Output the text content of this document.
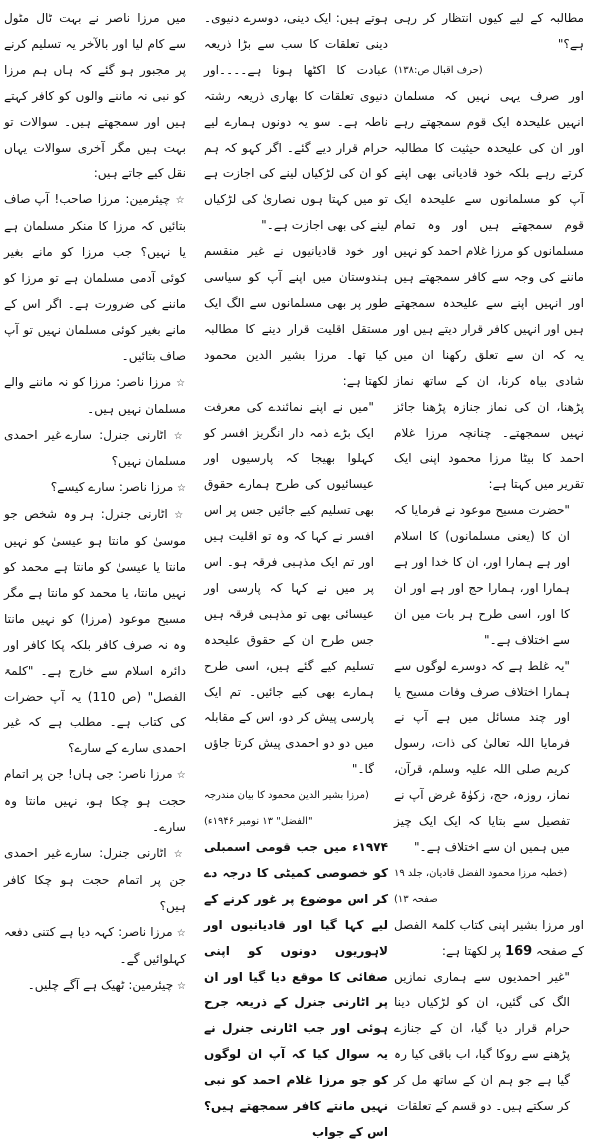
مطالبہ کے لیے کیوں انتظار کر رہی ہے؟"

(حرف اقبال ص:۱۳۸)

اور صرف یہی نہیں کہ مسلمان انہیں علیحدہ ایک قوم سمجھتے رہے اور ان کی علیحدہ حیثیت کا مطالبہ کرتے رہے بلکہ خود قادیانی بھی اپنے آپ کو مسلمانوں سے علیحدہ ایک قوم سمجھتے ہیں اور وہ تمام مسلمانوں کو مرزا غلام احمد کو نہیں ماننے کی وجہ سے کافر سمجھتے ہیں اور انہیں اپنے سے علیحدہ سمجھتے ہیں اور انہیں کافر قرار دیتے ہیں اور یہ کہ ان سے تعلق رکھنا ان میں شادی بیاہ کرنا، ان کے ساتھ نماز پڑھنا، ان کی نماز جنازہ پڑھنا جائز نہیں سمجھتے۔ چنانچہ مرزا غلام احمد کا بیٹا مرزا محمود اپنی ایک تقریر میں کہتا ہے:

"حضرت مسیح موعود نے فرمایا کہ ان کا (یعنی مسلمانوں) کا اسلام اور ہے ہمارا اور، ان کا خدا اور ہے ہمارا اور، ہمارا حج اور ہے اور ان کا اور، اسی طرح ہر بات میں ان سے اختلاف ہے۔"

"یہ غلط ہے کہ دوسرے لوگوں سے ہمارا اختلاف صرف وفات مسیح یا اور چند مسائل میں ہے آپ نے فرمایا اللہ تعالیٰ کی ذات، رسول کریم صلی اللہ علیہ وسلم، قرآن، نماز، روزہ، حج، زکوٰۃ غرض آپ نے تفصیل سے بتایا کہ ایک ایک چیز میں ہمیں ان سے اختلاف ہے۔"

(خطبہ مرزا محمود الفضل قادیان، جلد ۱۹ صفحہ ۱۳)

اور مرزا بشیر اپنی کتاب کلمۃ الفصل کے صفحہ 169 پر لکھتا ہے:

"غیر احمدیوں سے ہماری نمازیں الگ کی گئیں، ان کو لڑکیاں دینا حرام قرار دیا گیا، ان کے جنازے پڑھنے سے روکا گیا، اب باقی کیا رہ گیا ہے جو ہم ان کے ساتھ مل کر کر سکتے ہیں۔ دو قسم کے تعلقات

ہوتے ہیں: ایک دینی، دوسرے دنیوی۔ دینی تعلقات کا سب سے بڑا ذریعہ عبادت کا اکٹھا ہونا ہے۔۔۔۔اور دنیوی تعلقات کا بھاری ذریعہ رشتہ ناطہ ہے۔ سو یہ دونوں ہمارے لیے حرام قرار دیے گئے۔ اگر کہو کہ ہم کو ان کی لڑکیاں لینے کی اجازت ہے تو میں کہتا ہوں نصاریٰ کی لڑکیاں لینے کی بھی اجازت ہے۔"

اور خود قادیانیوں نے غیر منقسم ہندوستان میں اپنے آپ کو سیاسی طور پر بھی مسلمانوں سے الگ ایک مستقل اقلیت قرار دینے کا مطالبہ کیا تھا۔ مرزا بشیر الدین محمود لکھتا ہے:

"میں نے اپنے نمائندے کی معرفت ایک بڑے ذمہ دار انگریز افسر کو کہلوا بھیجا کہ پارسیوں اور عیسائیوں کی طرح ہمارے حقوق بھی تسلیم کیے جائیں جس پر اس افسر نے کہا کہ وہ تو اقلیت ہیں اور تم ایک مذہبی فرقہ ہو۔ اس پر میں نے کہا کہ پارسی اور عیسائی بھی تو مذہبی فرقہ ہیں جس طرح ان کے حقوق علیحدہ تسلیم کیے گئے ہیں، اسی طرح ہمارے بھی کیے جائیں۔ تم ایک پارسی پیش کر دو، اس کے مقابلہ میں دو دو احمدی پیش کرتا جاؤں گا۔"

(مرزا بشیر الدین محمود کا بیان مندرجہ "الفضل" ۱۳ نومبر ۱۹۴۶ء)

۱۹۷۴ء میں جب قومی اسمبلی کو خصوصی کمیٹی کا درجہ دے کر اس موضوع پر غور کرنے کے لیے کہا گیا اور قادیانیوں اور لاہوریوں دونوں کو اپنی صفائی کا موقع دیا گیا اور ان پر اٹارنی جنرل کے ذریعہ جرح ہوئی اور جب اٹارنی جنرل نے یہ سوال کیا کہ آپ ان لوگوں کو جو مرزا غلام احمد کو نبی نہیں مانتے کافر سمجھتے ہیں؟ اس کے جواب

میں مرزا ناصر نے بہت ٹال مٹول سے کام لیا اور بالآخر یہ تسلیم کرنے پر مجبور ہو گئے کہ ہاں ہم مرزا کو نبی نہ ماننے والوں کو کافر کہتے ہیں اور سمجھتے ہیں۔ سوالات تو بہت ہیں مگر آخری سوالات یہاں نقل کیے جاتے ہیں:

☆ چیئرمین: مرزا صاحب! آپ صاف بتائیں کہ مرزا کا منکر مسلمان ہے یا نہیں؟ جب مرزا کو مانے بغیر کوئی آدمی مسلمان ہے تو مرزا کو ماننے کی ضرورت ہے۔ اگر اس کے مانے بغیر کوئی مسلمان نہیں تو آپ صاف بتائیں۔

☆ مرزا ناصر: مرزا کو نہ ماننے والے مسلمان نہیں ہیں۔

☆ اٹارنی جنرل: سارے غیر احمدی مسلمان نہیں؟

☆ مرزا ناصر: سارے کیسے؟

☆ اٹارنی جنرل: ہر وہ شخص جو موسیٰ کو مانتا ہو عیسیٰ کو نہیں مانتا یا عیسیٰ کو مانتا ہے محمد کو نہیں مانتا، یا محمد کو مانتا ہے مگر مسیح موعود (مرزا) کو نہیں مانتا وہ نہ صرف کافر بلکہ پکا کافر اور دائرہ اسلام سے خارج ہے۔ "کلمۃ الفصل" (ص 110) یہ آپ حضرات کی کتاب ہے۔ مطلب ہے کہ غیر احمدی سارے کے سارے؟

☆ مرزا ناصر: جی ہاں! جن پر اتمام حجت ہو چکا ہو، نہیں مانتا وہ سارے۔

☆ اٹارنی جنرل: سارے غیر احمدی جن پر اتمام حجت ہو چکا کافر ہیں؟

☆ مرزا ناصر: کہہ دیا ہے کتنی دفعہ کہلوائیں گے۔

☆ چیئرمین: ٹھیک ہے آگے چلیں۔
